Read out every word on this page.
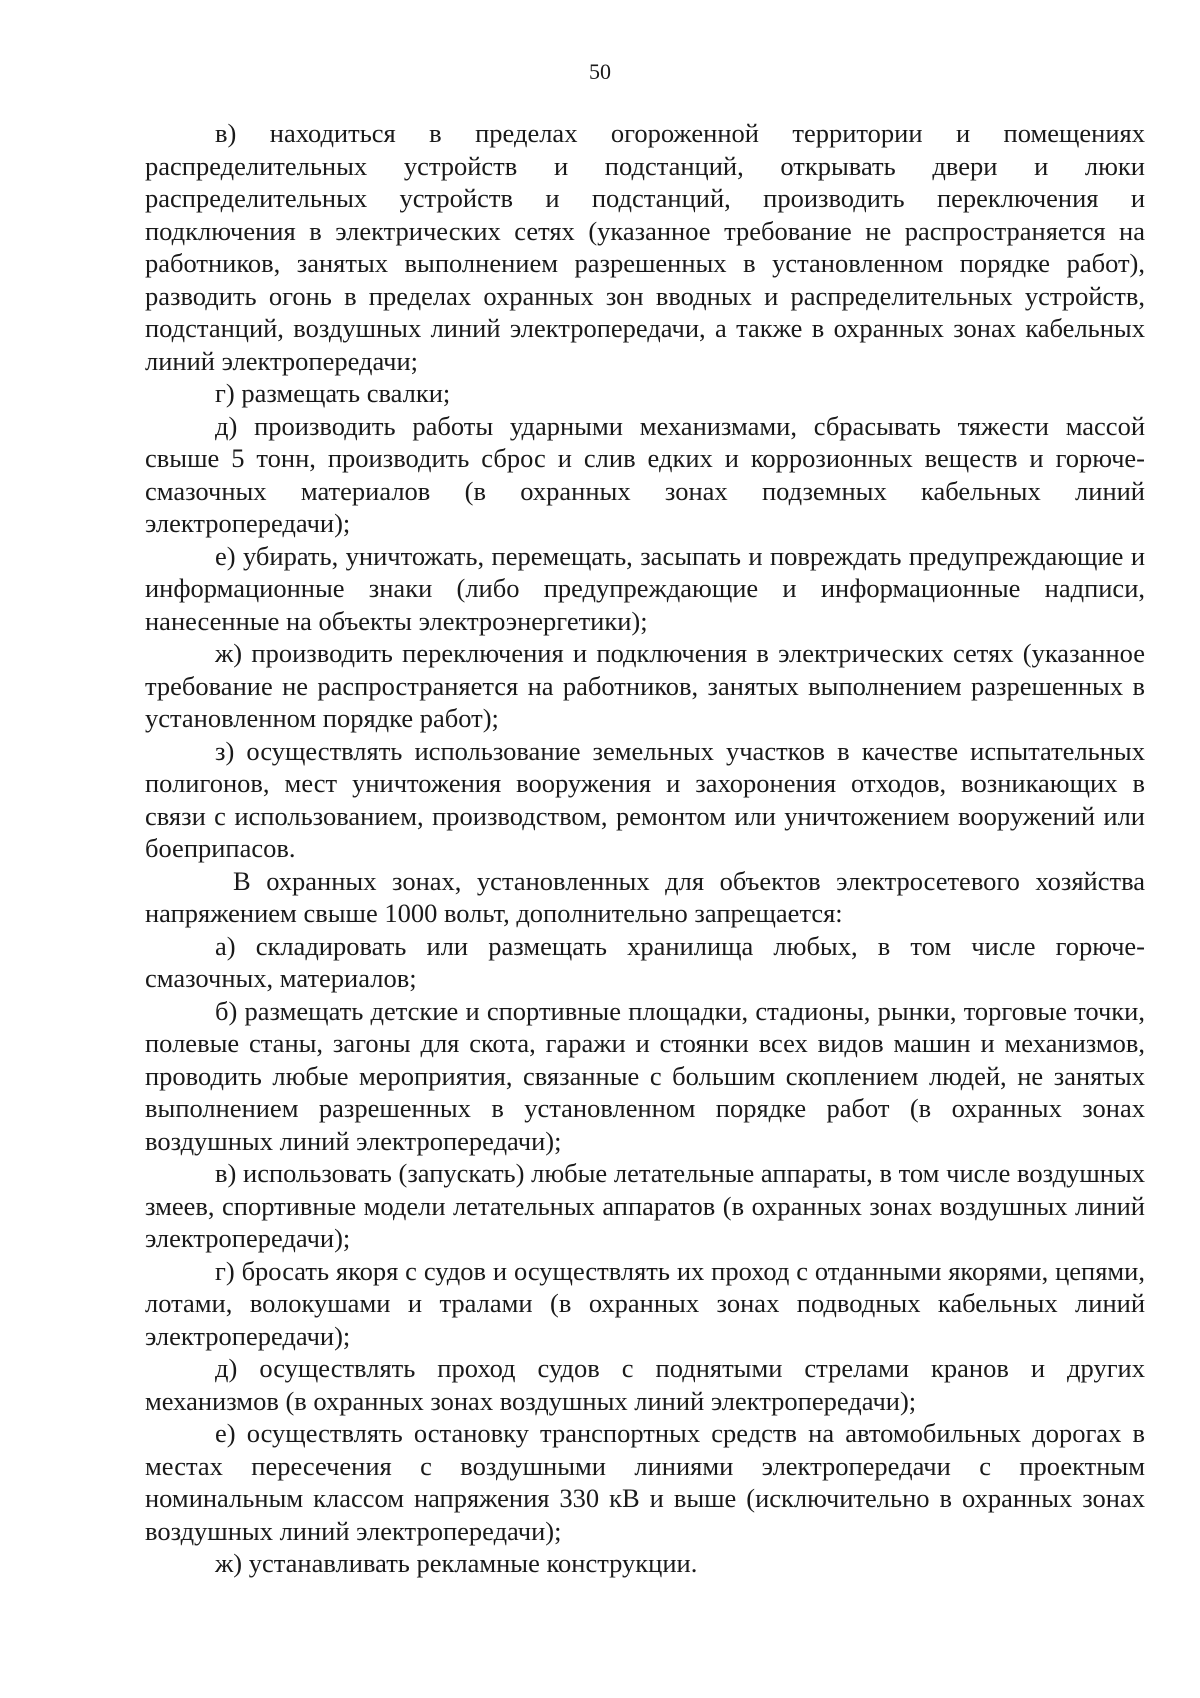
50

в) находиться в пределах огороженной территории и помещениях распределительных устройств и подстанций, открывать двери и люки распределительных устройств и подстанций, производить переключения и подключения в электрических сетях (указанное требование не распространяется на работников, занятых выполнением разрешенных в установленном порядке работ), разводить огонь в пределах охранных зон вводных и распределительных устройств, подстанций, воздушных линий электропередачи, а также в охранных зонах кабельных линий электропередачи;

г) размещать свалки;

д) производить работы ударными механизмами, сбрасывать тяжести массой свыше 5 тонн, производить сброс и слив едких и коррозионных веществ и горюче-смазочных материалов (в охранных зонах подземных кабельных линий электропередачи);

е) убирать, уничтожать, перемещать, засыпать и повреждать предупреждающие и информационные знаки (либо предупреждающие и информационные надписи, нанесенные на объекты электроэнергетики);

ж) производить переключения и подключения в электрических сетях (указанное требование не распространяется на работников, занятых выполнением разрешенных в установленном порядке работ);

з) осуществлять использование земельных участков в качестве испытательных полигонов, мест уничтожения вооружения и захоронения отходов, возникающих в связи с использованием, производством, ремонтом или уничтожением вооружений или боеприпасов.

В охранных зонах, установленных для объектов электросетевого хозяйства напряжением свыше 1000 вольт, дополнительно запрещается:

а) складировать или размещать хранилища любых, в том числе горюче-смазочных, материалов;

б) размещать детские и спортивные площадки, стадионы, рынки, торговые точки, полевые станы, загоны для скота, гаражи и стоянки всех видов машин и механизмов, проводить любые мероприятия, связанные с большим скоплением людей, не занятых выполнением разрешенных в установленном порядке работ (в охранных зонах воздушных линий электропередачи);

в) использовать (запускать) любые летательные аппараты, в том числе воздушных змеев, спортивные модели летательных аппаратов (в охранных зонах воздушных линий электропередачи);

г) бросать якоря с судов и осуществлять их проход с отданными якорями, цепями, лотами, волокушами и тралами (в охранных зонах подводных кабельных линий электропередачи);

д) осуществлять проход судов с поднятыми стрелами кранов и других механизмов (в охранных зонах воздушных линий электропередачи);

е) осуществлять остановку транспортных средств на автомобильных дорогах в местах пересечения с воздушными линиями электропередачи с проектным номинальным классом напряжения 330 кВ и выше (исключительно в охранных зонах воздушных линий электропередачи);

ж) устанавливать рекламные конструкции.
